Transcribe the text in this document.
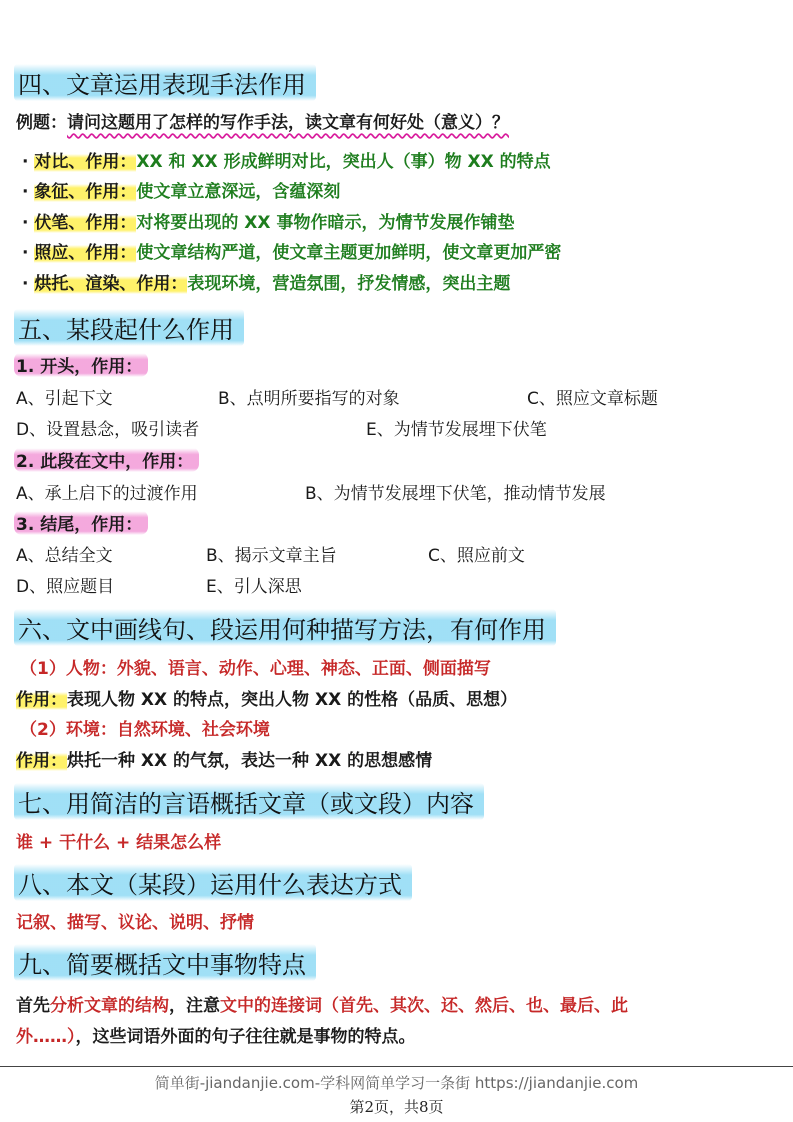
四、文章运用表现手法作用
例题：请问这题用了怎样的写作手法，读文章有何好处（意义）？
· 对比、作用：XX 和 XX 形成鲜明对比，突出人（事）物 XX 的特点
· 象征、作用：使文章立意深远，含蕴深刻
· 伏笔、作用：对将要出现的 XX 事物作暗示，为情节发展作铺垫
· 照应、作用：使文章结构严道，使文章主题更加鲜明，使文章更加严密
· 烘托、渲染、作用：表现环境，营造氛围，抒发情感，突出主题
五、某段起什么作用
1. 开头，作用：
A、引起下文	B、点明所要指写的对象	C、照应文章标题
D、设置悬念，吸引读者	E、为情节发展埋下伏笔
2. 此段在文中，作用：
A、承上启下的过渡作用	B、为情节发展埋下伏笔，推动情节发展
3. 结尾，作用：
A、总结全文	B、揭示文章主旨	C、照应前文
D、照应题目	E、引人深思
六、文中画线句、段运用何种描写方法，有何作用
（1）人物：外貌、语言、动作、心理、神态、正面、侧面描写
作用：表现人物 XX 的特点，突出人物 XX 的性格（品质、思想）
（2）环境：自然环境、社会环境
作用：烘托一种 XX 的气氛，表达一种 XX 的思想感情
七、用简洁的言语概括文章（或文段）内容
谁 + 干什么 + 结果怎么样
八、本文（某段）运用什么表达方式
记叙、描写、议论、说明、抒情
九、简要概括文中事物特点
首先分析文章的结构，注意文中的连接词（首先、其次、还、然后、也、最后、此
外……），这些词语外面的句子往往就是事物的特点。
简单街-jiandanjie.com-学科网简单学习一条街 https://jiandanjie.com
第2页，共8页
